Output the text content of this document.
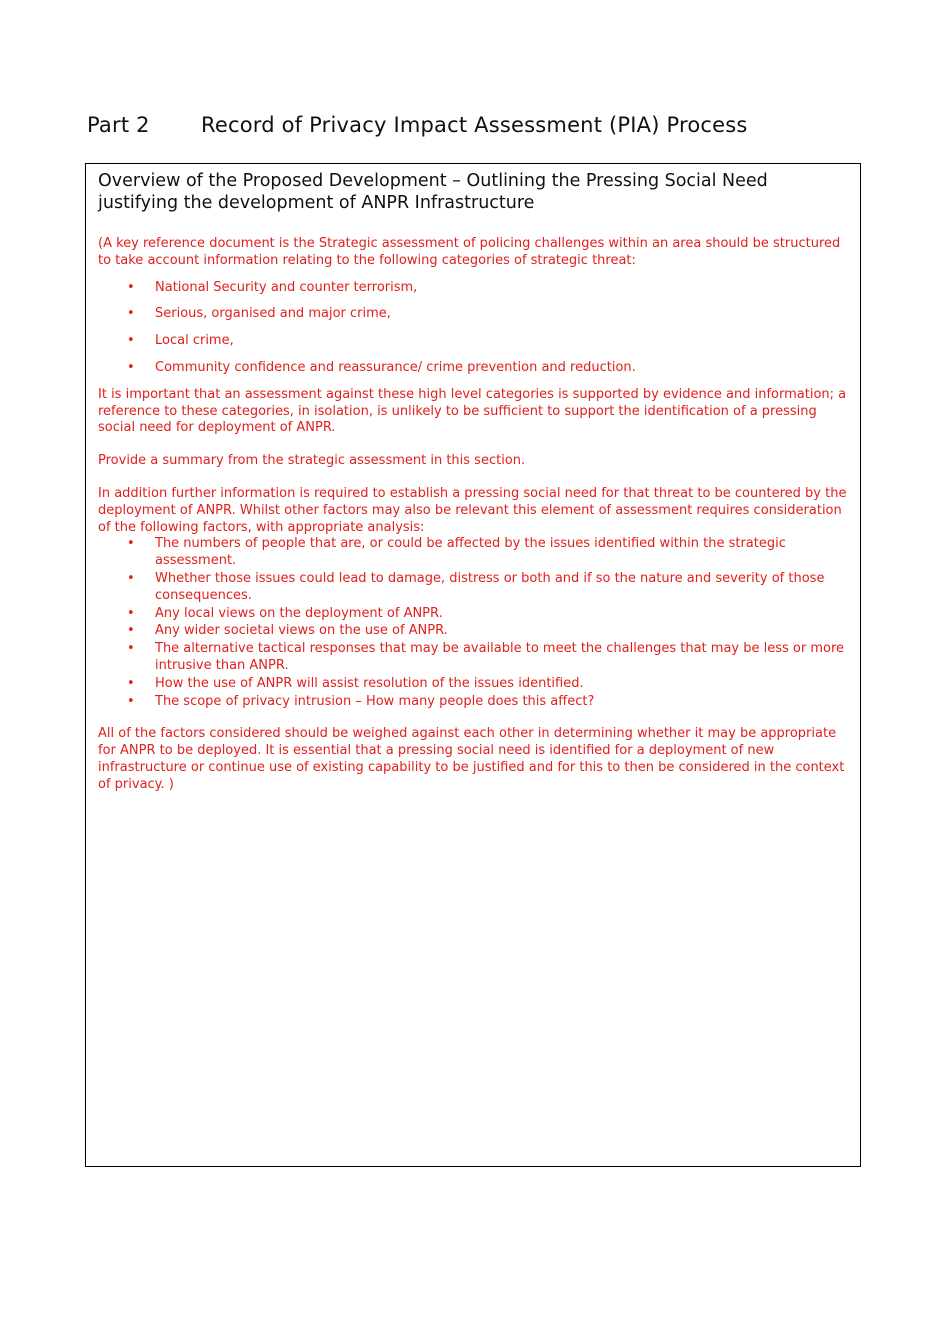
Part 2 Record of Privacy Impact Assessment (PIA) Process
Overview of the Proposed Development – Outlining the Pressing Social Need justifying the development of ANPR Infrastructure

(A key reference document is the Strategic assessment of policing challenges within an area should be structured to take account information relating to the following categories of strategic threat:

• National Security and counter terrorism,
• Serious, organised and major crime,
• Local crime,
• Community confidence and reassurance/ crime prevention and reduction.

It is important that an assessment against these high level categories is supported by evidence and information; a reference to these categories, in isolation, is unlikely to be sufficient to support the identification of a pressing social need for deployment of ANPR.

Provide a summary from the strategic assessment in this section.

In addition further information is required to establish a pressing social need for that threat to be countered by the deployment of ANPR. Whilst other factors may also be relevant this element of assessment requires consideration of the following factors, with appropriate analysis:

• The numbers of people that are, or could be affected by the issues identified within the strategic assessment.
• Whether those issues could lead to damage, distress or both and if so the nature and severity of those consequences.
• Any local views on the deployment of ANPR.
• Any wider societal views on the use of ANPR.
• The alternative tactical responses that may be available to meet the challenges that may be less or more intrusive than ANPR.
• How the use of ANPR will assist resolution of the issues identified.
• The scope of privacy intrusion – How many people does this affect?

All of the factors considered should be weighed against each other in determining whether it may be appropriate for ANPR to be deployed. It is essential that a pressing social need is identified for a deployment of new infrastructure or continue use of existing capability to be justified and for this to then be considered in the context of privacy. )
